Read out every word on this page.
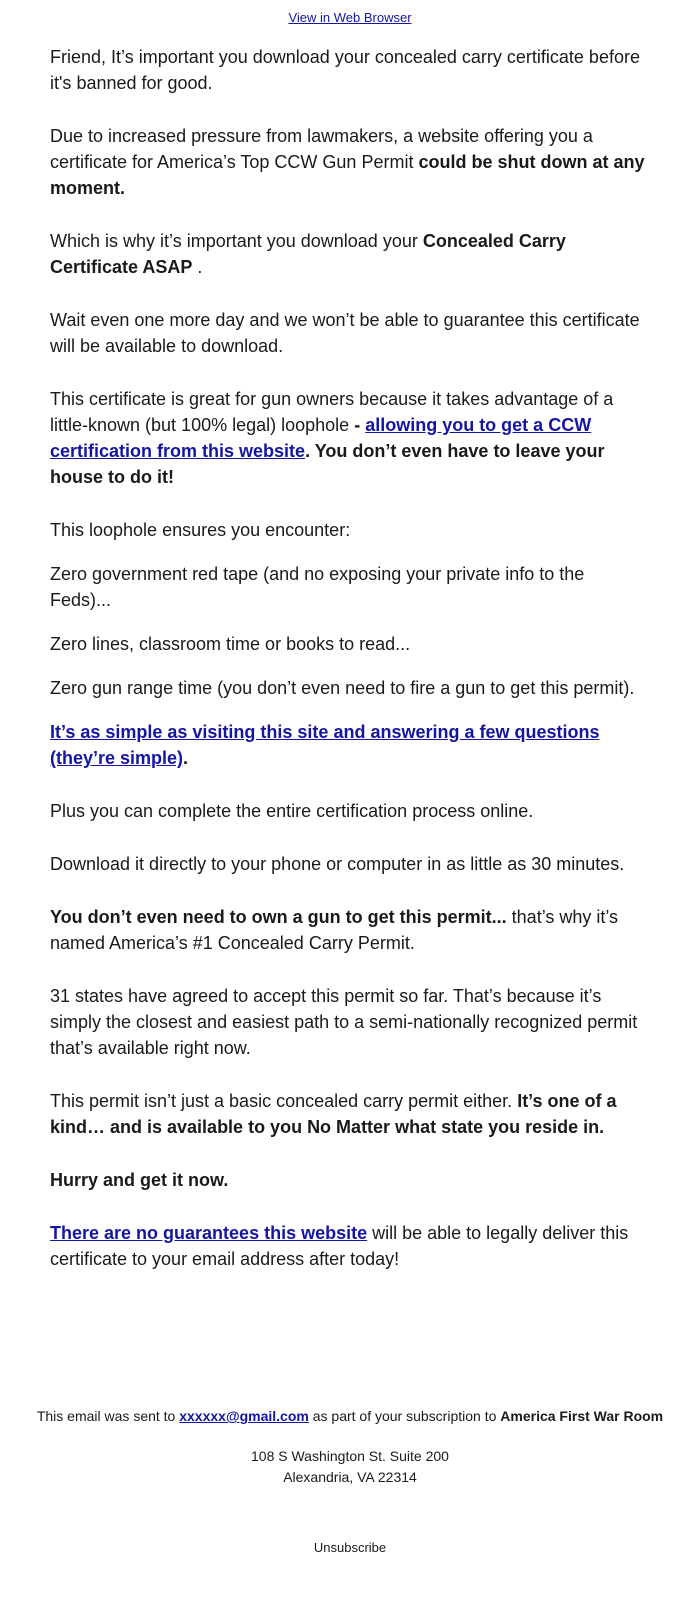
View in Web Browser

Friend, It’s important you download your concealed carry certificate before it's banned for good.

Due to increased pressure from lawmakers, a website offering you a certificate for America’s Top CCW Gun Permit could be shut down at any moment.

Which is why it’s important you download your Concealed Carry Certificate ASAP .

Wait even one more day and we won’t be able to guarantee this certificate will be available to download.

This certificate is great for gun owners because it takes advantage of a little-known (but 100% legal) loophole - allowing you to get a CCW certification from this website. You don’t even have to leave your house to do it!

This loophole ensures you encounter:

Zero government red tape (and no exposing your private info to the Feds)...

Zero lines, classroom time or books to read...

Zero gun range time (you don’t even need to fire a gun to get this permit).

It’s as simple as visiting this site and answering a few questions (they’re simple).

Plus you can complete the entire certification process online.

Download it directly to your phone or computer in as little as 30 minutes.

You don’t even need to own a gun to get this permit... that’s why it’s named America’s #1 Concealed Carry Permit.

31 states have agreed to accept this permit so far. That’s because it’s simply the closest and easiest path to a semi-nationally recognized permit that’s available right now.

This permit isn’t just a basic concealed carry permit either. It’s one of a kind… and is available to you No Matter what state you reside in.

Hurry and get it now.

There are no guarantees this website will be able to legally deliver this certificate to your email address after today!

This email was sent to xxxxxx@gmail.com as part of your subscription to America First War Room
108 S Washington St. Suite 200
Alexandria, VA 22314
Unsubscribe
